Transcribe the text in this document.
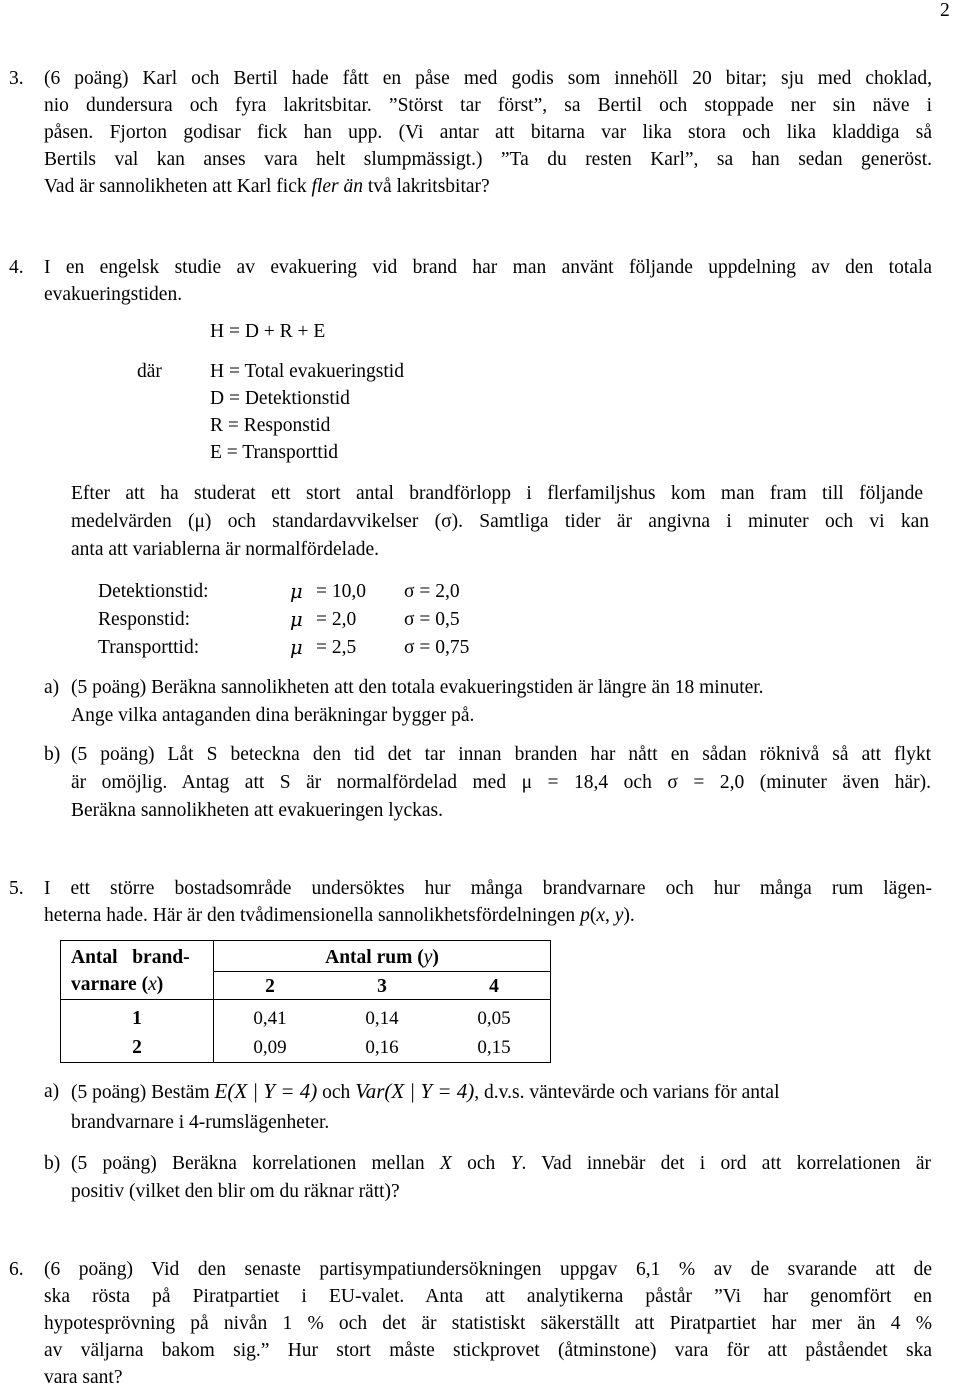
2
3. (6 poäng) Karl och Bertil hade fått en påse med godis som innehöll 20 bitar; sju med choklad,
nio dundersura och fyra lakritsbitar. ”Störst tar först”, sa Bertil och stoppade ner sin näve i
påsen. Fjorton godisar fick han upp. (Vi antar att bitarna var lika stora och lika kladdiga så
Bertils val kan anses vara helt slumpmässigt.) ”Ta du resten Karl”, sa han sedan generöst.
Vad är sannolikheten att Karl fick fler än två lakritsbitar?
4. I en engelsk studie av evakuering vid brand har man använt följande uppdelning av den totala
evakueringstiden.
H = D + R + E
där H = Total evakueringstid
D = Detektionstid
R = Responstid
E = Transporttid
Efter att ha studerat ett stort antal brandförlopp i flerfamiljshus kom man fram till följande
medelvärden (μ) och standardavvikelser (σ). Samtliga tider är angivna i minuter och vi kan
anta att variablerna är normalfördelade.
Detektionstid:	μ = 10,0 σ = 2,0
Responstid:	μ = 2,0 σ = 0,5
Transporttid:	μ = 2,5 σ = 0,75
a) (5 poäng) Beräkna sannolikheten att den totala evakueringstiden är längre än 18 minuter.
Ange vilka antaganden dina beräkningar bygger på.
b) (5 poäng) Låt S beteckna den tid det tar innan branden har nått en sådan röknivå så att flykt
är omöjlig. Antag att S är normalfördelad med μ = 18,4 och σ = 2,0 (minuter även här).
Beräkna sannolikheten att evakueringen lyckas.
5. I ett större bostadsområde undersöktes hur många brandvarnare och hur många rum lägen-
heterna hade. Här är den tvådimensionella sannolikhetsfördelningen p(x, y).
Antal   brand-
varnare (x)
Antal rum (y)
2	3	4
1	0,41	0,14	0,05
2	0,09	0,16	0,15
a) (5 poäng) Bestäm E(X | Y = 4) och Var(X | Y = 4), d.v.s. väntevärde och varians för antal
brandvarnare i 4-rumslägenheter.
b) (5 poäng) Beräkna korrelationen mellan X och Y. Vad innebär det i ord att korrelationen är
positiv (vilket den blir om du räknar rätt)?
6. (6 poäng) Vid den senaste partisympatiundersökningen uppgav 6,1 % av de svarande att de
ska rösta på Piratpartiet i EU-valet. Anta att analytikerna påstår ”Vi har genomfört en
hypotesprövning på nivån 1 % och det är statistiskt säkerställt att Piratpartiet har mer än 4 %
av väljarna bakom sig.” Hur stort måste stickprovet (åtminstone) vara för att påståendet ska
vara sant?
